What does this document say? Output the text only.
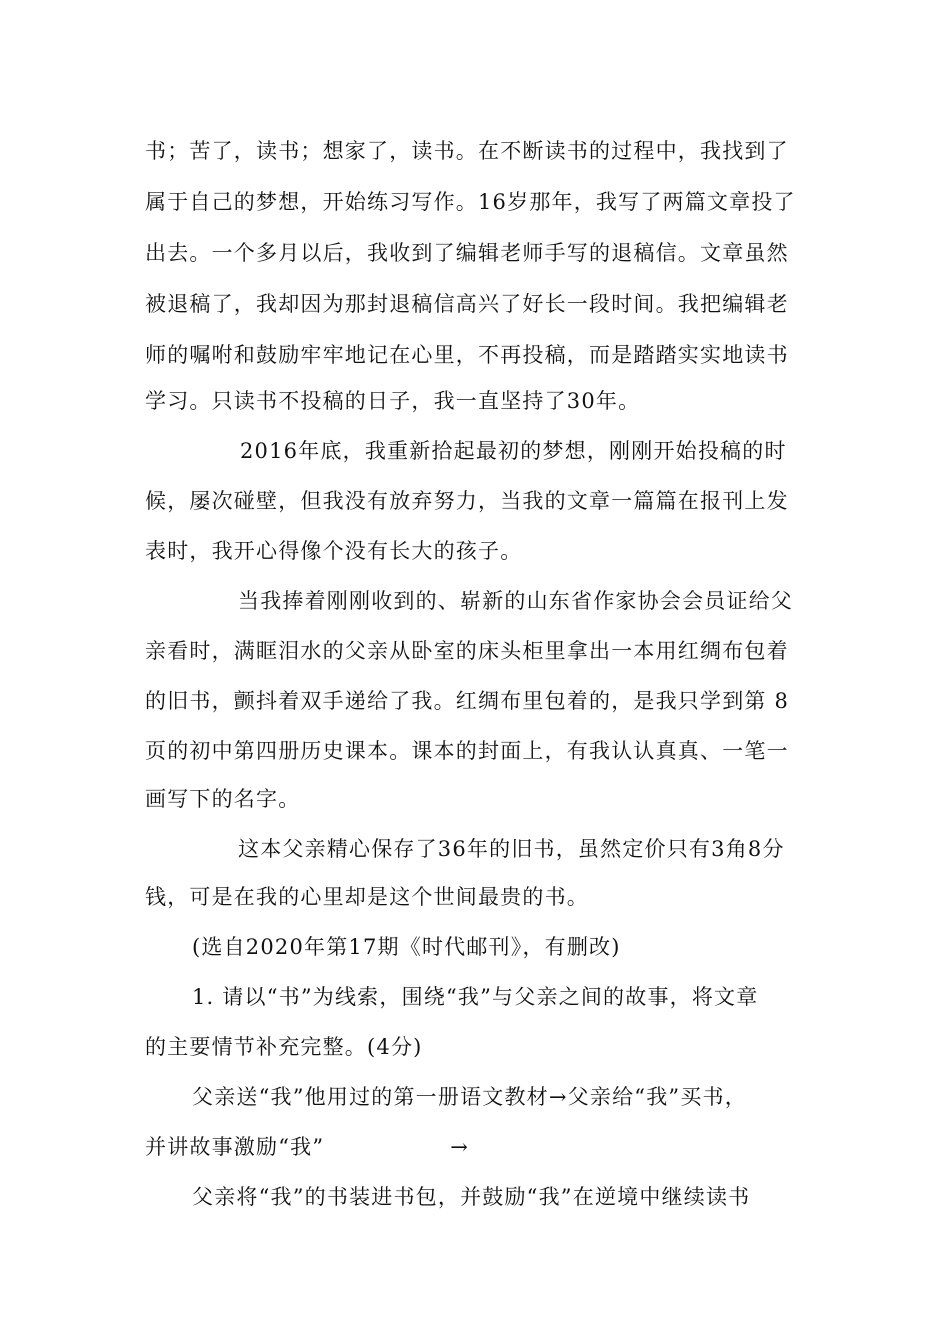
书；苦了，读书；想家了，读书。在不断读书的过程中，我找到了
属于自己的梦想，开始练习写作。16岁那年，我写了两篇文章投了
出去。一个多月以后，我收到了编辑老师手写的退稿信。文章虽然
被退稿了，我却因为那封退稿信高兴了好长一段时间。我把编辑老
师的嘱咐和鼓励牢牢地记在心里，不再投稿，而是踏踏实实地读书
学习。只读书不投稿的日子，我一直坚持了30年。
2016年底，我重新拾起最初的梦想，刚刚开始投稿的时
候，屡次碰壁，但我没有放弃努力，当我的文章一篇篇在报刊上发
表时，我开心得像个没有长大的孩子。
当我捧着刚刚收到的、崭新的山东省作家协会会员证给父
亲看时，满眶泪水的父亲从卧室的床头柜里拿出一本用红绸布包着
的旧书，颤抖着双手递给了我。红绸布里包着的，是我只学到第 8
页的初中第四册历史课本。课本的封面上，有我认认真真、一笔一
画写下的名字。
这本父亲精心保存了36年的旧书，虽然定价只有3角8分
钱，可是在我的心里却是这个世间最贵的书。
(选自2020年第17期《时代邮刊》，有删改)
1. 请以“书”为线索，围绕“我”与父亲之间的故事，将文章
的主要情节补充完整。(4分)
父亲送“我”他用过的第一册语文教材→父亲给“我”买书，
并讲故事激励“我”                →
父亲将“我”的书装进书包，并鼓励“我”在逆境中继续读书
